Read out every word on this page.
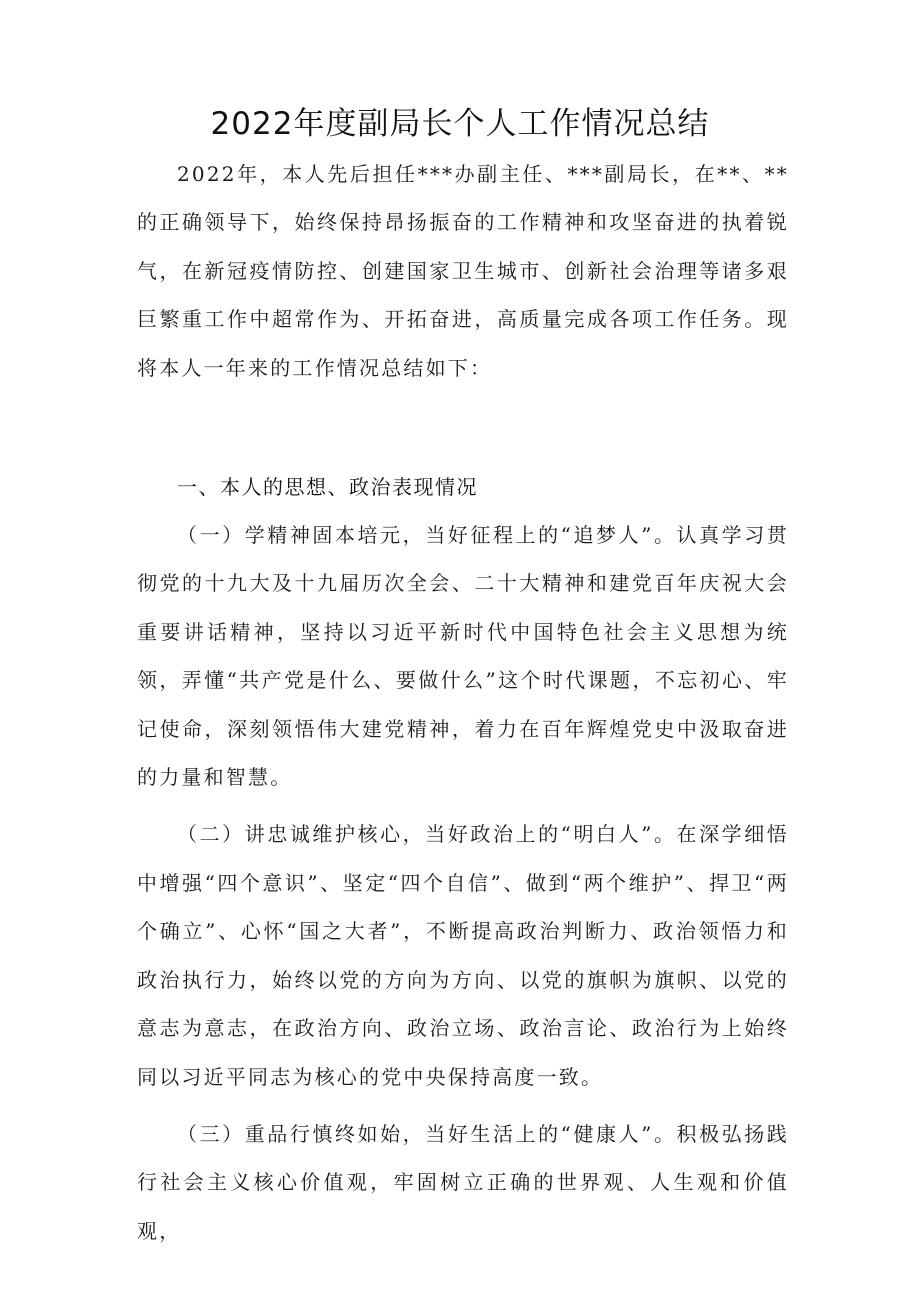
2022年度副局长个人工作情况总结

2022年，本人先后担任***办副主任、***副局长，在**、**的正确领导下，始终保持昂扬振奋的工作精神和攻坚奋进的执着锐气，在新冠疫情防控、创建国家卫生城市、创新社会治理等诸多艰巨繁重工作中超常作为、开拓奋进，高质量完成各项工作任务。现将本人一年来的工作情况总结如下：

一、本人的思想、政治表现情况

（一）学精神固本培元，当好征程上的“追梦人”。认真学习贯彻党的十九大及十九届历次全会、二十大精神和建党百年庆祝大会重要讲话精神，坚持以习近平新时代中国特色社会主义思想为统领，弄懂“共产党是什么、要做什么”这个时代课题，不忘初心、牢记使命，深刻领悟伟大建党精神，着力在百年辉煌党史中汲取奋进的力量和智慧。

（二）讲忠诚维护核心，当好政治上的“明白人”。在深学细悟中增强“四个意识”、坚定“四个自信”、做到“两个维护”、捍卫“两个确立”、心怀“国之大者”，不断提高政治判断力、政治领悟力和政治执行力，始终以党的方向为方向、以党的旗帜为旗帜、以党的意志为意志，在政治方向、政治立场、政治言论、政治行为上始终同以习近平同志为核心的党中央保持高度一致。

（三）重品行慎终如始，当好生活上的“健康人”。积极弘扬践行社会主义核心价值观，牢固树立正确的世界观、人生观和价值观，
